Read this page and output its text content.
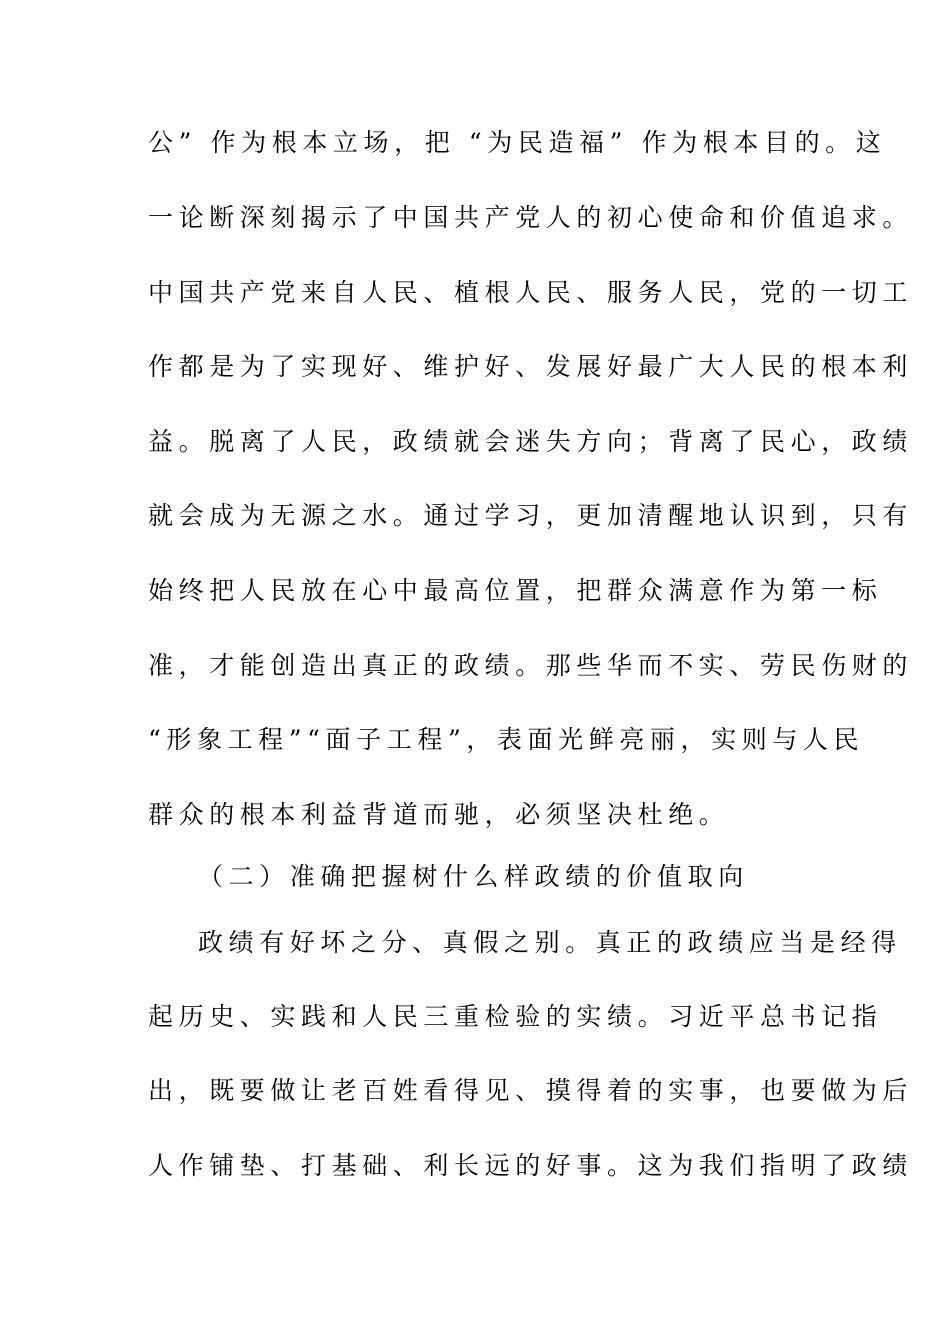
公” 作为根本立场，把 “为民造福” 作为根本目的。这
一论断深刻揭示了中国共产党人的初心使命和价值追求。
中国共产党来自人民、植根人民、服务人民，党的一切工
作都是为了实现好、维护好、发展好最广大人民的根本利
益。脱离了人民，政绩就会迷失方向；背离了民心，政绩
就会成为无源之水。通过学习，更加清醒地认识到，只有
始终把人民放在心中最高位置，把群众满意作为第一标
准，才能创造出真正的政绩。那些华而不实、劳民伤财的
“形象工程”“面子工程”，表面光鲜亮丽，实则与人民
群众的根本利益背道而驰，必须坚决杜绝。
（二）准确把握树什么样政绩的价值取向
政绩有好坏之分、真假之别。真正的政绩应当是经得
起历史、实践和人民三重检验的实绩。习近平总书记指
出，既要做让老百姓看得见、摸得着的实事，也要做为后
人作铺垫、打基础、利长远的好事。这为我们指明了政绩
